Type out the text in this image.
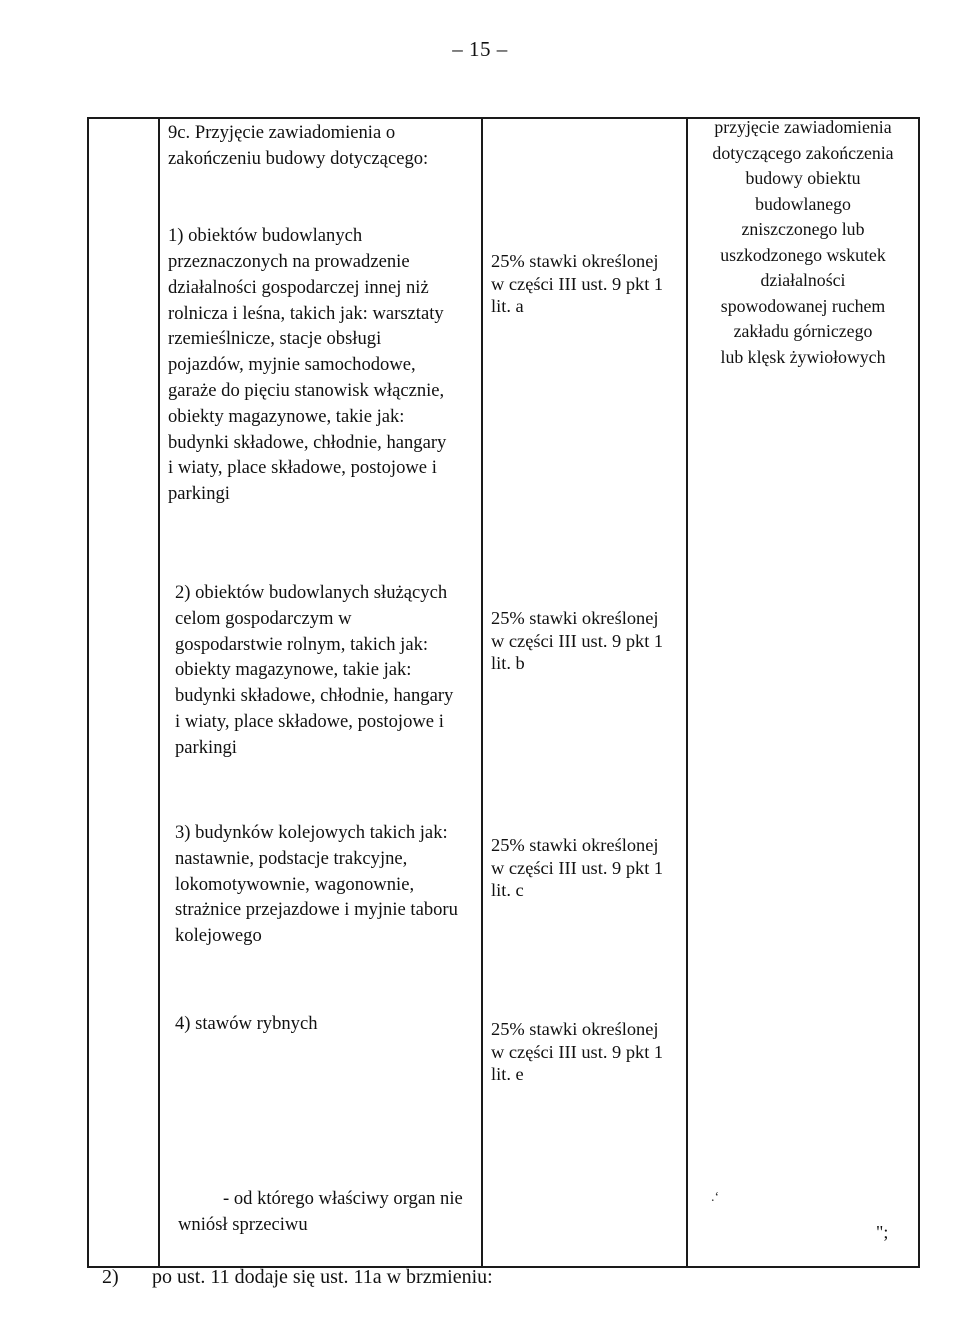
– 15 –
9c. Przyjęcie zawiadomienia o
zakończeniu budowy dotyczącego:
1) obiektów budowlanych
przeznaczonych na prowadzenie
działalności gospodarczej innej niż
rolnicza i leśna, takich jak: warsztaty
rzemieślnicze, stacje obsługi
pojazdów, myjnie samochodowe,
garaże do pięciu stanowisk włącznie,
obiekty magazynowe, takie jak:
budynki składowe, chłodnie, hangary
i wiaty, place składowe, postojowe i
parkingi
25% stawki określonej
w części III ust. 9 pkt 1
lit. a
przyjęcie zawiadomienia
dotyczącego zakończenia
budowy obiektu
budowlanego
zniszczonego lub
uszkodzonego wskutek
działalności
spowodowanej ruchem
zakładu górniczego
lub klęsk żywiołowych
2) obiektów budowlanych służących
celom gospodarczym w
gospodarstwie rolnym, takich jak:
obiekty magazynowe, takie jak:
budynki składowe, chłodnie, hangary
i wiaty, place składowe, postojowe i
parkingi
25% stawki określonej
w części III ust. 9 pkt 1
lit. b
3) budynków kolejowych takich jak:
nastawnie, podstacje trakcyjne,
lokomotywownie, wagonownie,
strażnice przejazdowe i myjnie taboru
kolejowego
25% stawki określonej
w części III ust. 9 pkt 1
lit. c
4) stawów rybnych	25% stawki określonej
w części III ust. 9 pkt 1
lit. e
- od którego właściwy organ nie
wniósł sprzeciwu
.‘
";
2) po ust. 11 dodaje się ust. 11a w brzmieniu:
